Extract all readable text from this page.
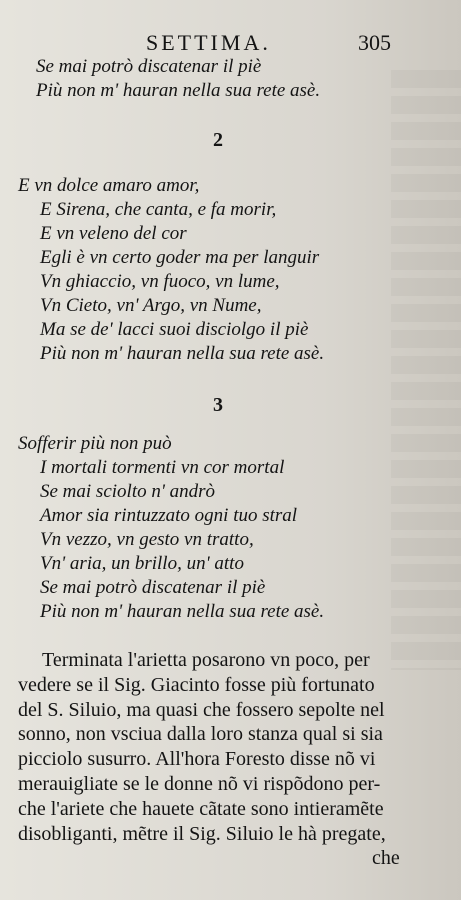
SETTIMA.	305
Se mai potrò discatenar il piè
Più non m' hauran nella sua rete asè.
2
E vn dolce amaro amor,
E Sirena, che canta, e fa morir,
E vn veleno del cor
Egli è vn certo goder ma per languir
Vn ghiaccio, vn fuoco, vn lume,
Vn Cieto, vn' Argo, vn Nume,
Ma se de' lacci suoi disciolgo il piè
Più non m' hauran nella sua rete asè.
3
Sofferir più non può
I mortali tormenti vn cor mortal
Se mai sciolto n' andrò
Amor sia rintuzzato ogni tuo stral
Vn vezzo, vn gesto vn tratto,
Vn' aria, un brillo, un' atto
Se mai potrò discatenar il piè
Più non m' hauran nella sua rete asè.
Terminata l'arietta posarono vn poco, per
vedere se il Sig. Giacinto fosse più fortunato
del S. Siluio, ma quasi che fossero sepolte nel
sonno, non vsciua dalla loro stanza qual si sia
picciolo susurro. All'hora Foresto disse nõ vi
merauigliate se le donne nõ vi rispõdono per-
che l'ariete che hauete cãtate sono intieramẽte
disobliganti, mẽtre il Sig. Siluio le hà pregate,
che
